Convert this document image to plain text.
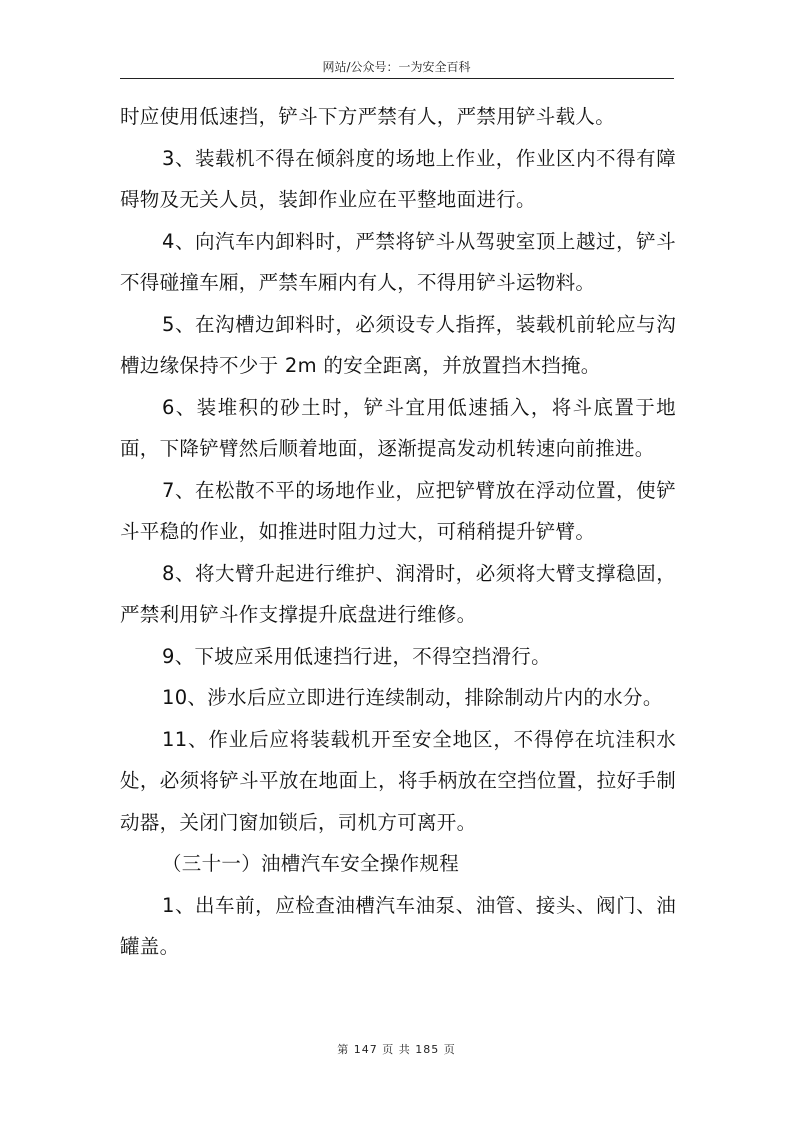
网站/公众号：一为安全百科

时应使用低速挡，铲斗下方严禁有人，严禁用铲斗载人。

3、装载机不得在倾斜度的场地上作业，作业区内不得有障碍物及无关人员，装卸作业应在平整地面进行。

4、向汽车内卸料时，严禁将铲斗从驾驶室顶上越过，铲斗不得碰撞车厢，严禁车厢内有人，不得用铲斗运物料。

5、在沟槽边卸料时，必须设专人指挥，装载机前轮应与沟槽边缘保持不少于 2m 的安全距离，并放置挡木挡掩。

6、装堆积的砂土时，铲斗宜用低速插入，将斗底置于地面，下降铲臂然后顺着地面，逐渐提高发动机转速向前推进。

7、在松散不平的场地作业，应把铲臂放在浮动位置，使铲斗平稳的作业，如推进时阻力过大，可稍稍提升铲臂。

8、将大臂升起进行维护、润滑时，必须将大臂支撑稳固，严禁利用铲斗作支撑提升底盘进行维修。

9、下坡应采用低速挡行进，不得空挡滑行。

10、涉水后应立即进行连续制动，排除制动片内的水分。

11、作业后应将装载机开至安全地区，不得停在坑洼积水处，必须将铲斗平放在地面上，将手柄放在空挡位置，拉好手制动器，关闭门窗加锁后，司机方可离开。

（三十一）油槽汽车安全操作规程

1、出车前，应检查油槽汽车油泵、油管、接头、阀门、油罐盖。

第 147 页 共 185 页
